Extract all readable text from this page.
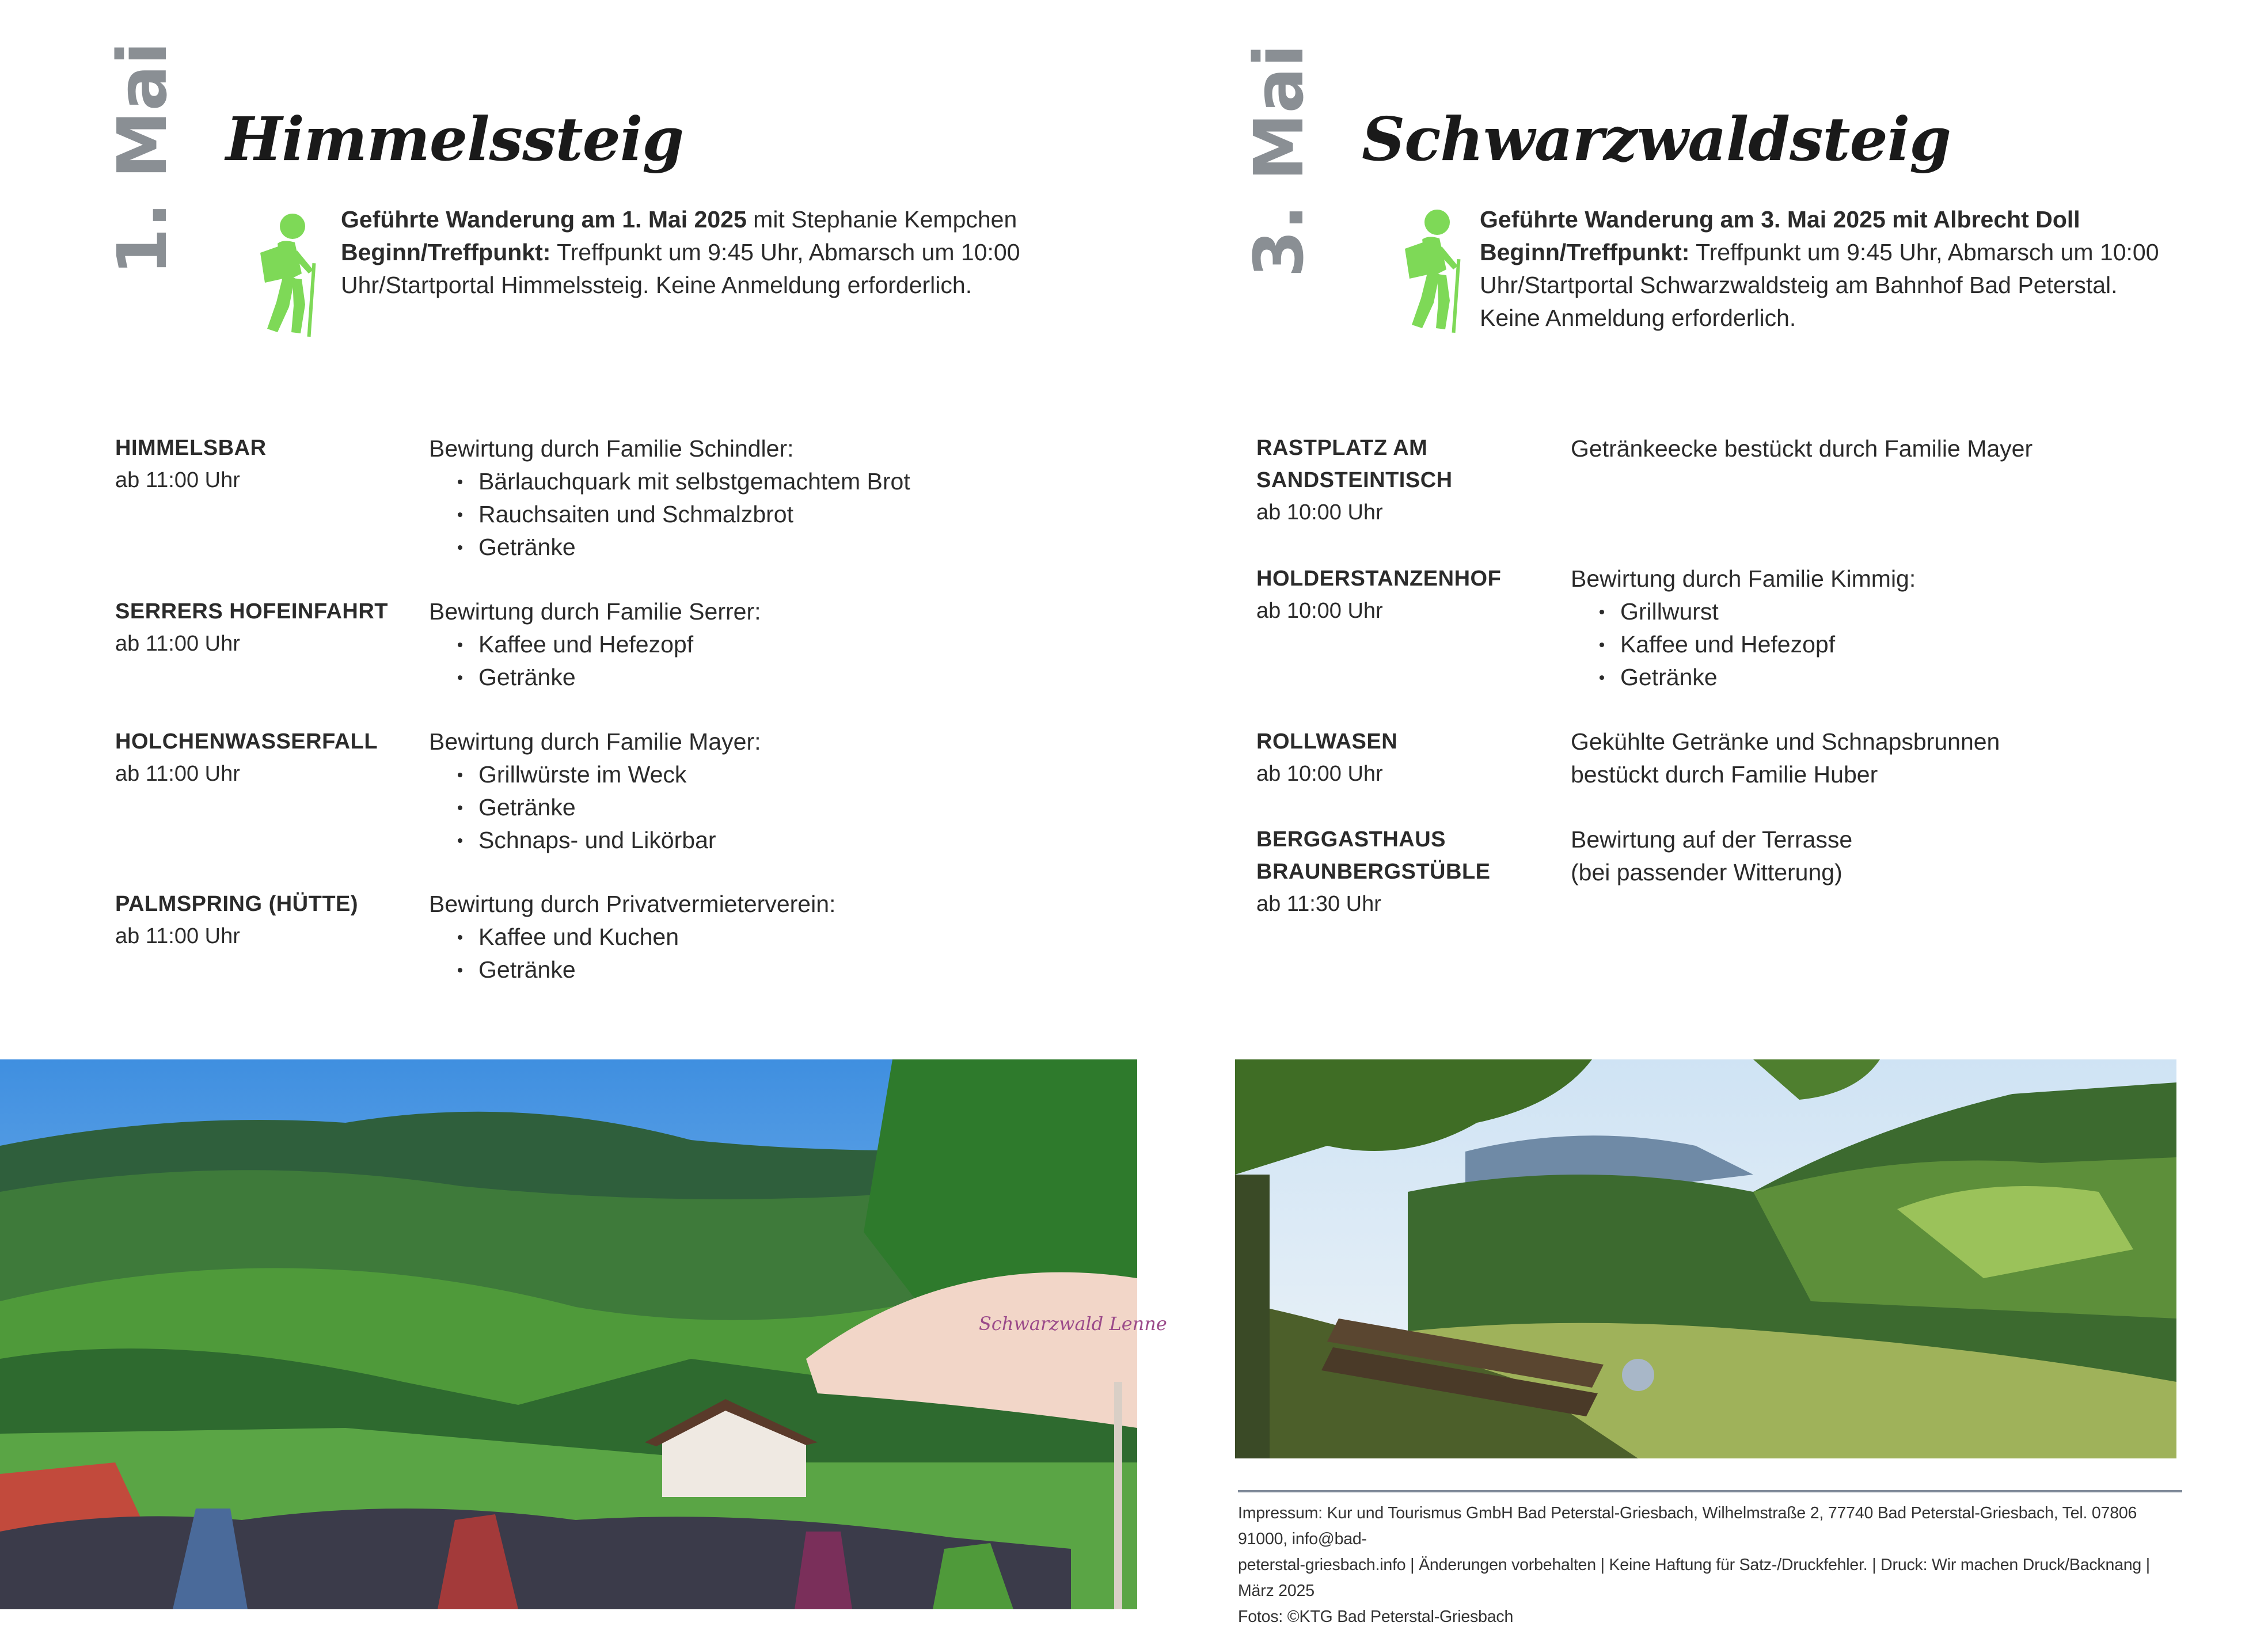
1. Mai Himmelssteig
Geführte Wanderung am 1. Mai 2025 mit Stephanie Kempchen
Beginn/Treffpunkt: Treffpunkt um 9:45 Uhr, Abmarsch um 10:00 Uhr/Startportal Himmelssteig. Keine Anmeldung erforderlich.
HIMMELSBAR
ab 11:00 Uhr
Bewirtung durch Familie Schindler:
Bärlauchquark mit selbstgemachtem Brot
Rauchsaiten und Schmalzbrot
Getränke
SERRERS HOFEINFAHRT
ab 11:00 Uhr
Bewirtung durch Familie Serrer:
Kaffee und Hefezopf
Getränke
HOLCHENWASSERFALL
ab 11:00 Uhr
Bewirtung durch Familie Mayer:
Grillwürste im Weck
Getränke
Schnaps- und Likörbar
PALMSPRING (HÜTTE)
ab 11:00 Uhr
Bewirtung durch Privatvermieterverein:
Kaffee und Kuchen
Getränke
Schwarzwald Lenne
3. Mai Schwarzwaldsteig
Geführte Wanderung am 3. Mai 2025 mit Albrecht Doll
Beginn/Treffpunkt: Treffpunkt um 9:45 Uhr, Abmarsch um 10:00 Uhr/Startportal Schwarzwaldsteig am Bahnhof Bad Peterstal. Keine Anmeldung erforderlich.
RASTPLATZ AM
SANDSTEINTISCH
ab 10:00 Uhr
Getränkeecke bestückt durch Familie Mayer
HOLDERSTANZENHOF
ab 10:00 Uhr
Bewirtung durch Familie Kimmig:
Grillwurst
Kaffee und Hefezopf
Getränke
ROLLWASEN
ab 10:00 Uhr
Gekühlte Getränke und Schnapsbrunnen
bestückt durch Familie Huber
BERGGASTHAUS
BRAUNBERGSTÜBLE
ab 11:30 Uhr
Bewirtung auf der Terrasse
(bei passender Witterung)
Impressum: Kur und Tourismus GmbH Bad Peterstal-Griesbach, Wilhelmstraße 2, 77740 Bad Peterstal-Griesbach, Tel. 07806 91000, info@bad-
peterstal-griesbach.info | Änderungen vorbehalten | Keine Haftung für Satz-/Druckfehler. | Druck: Wir machen Druck/Backnang | März 2025
Fotos: ©KTG Bad Peterstal-Griesbach
